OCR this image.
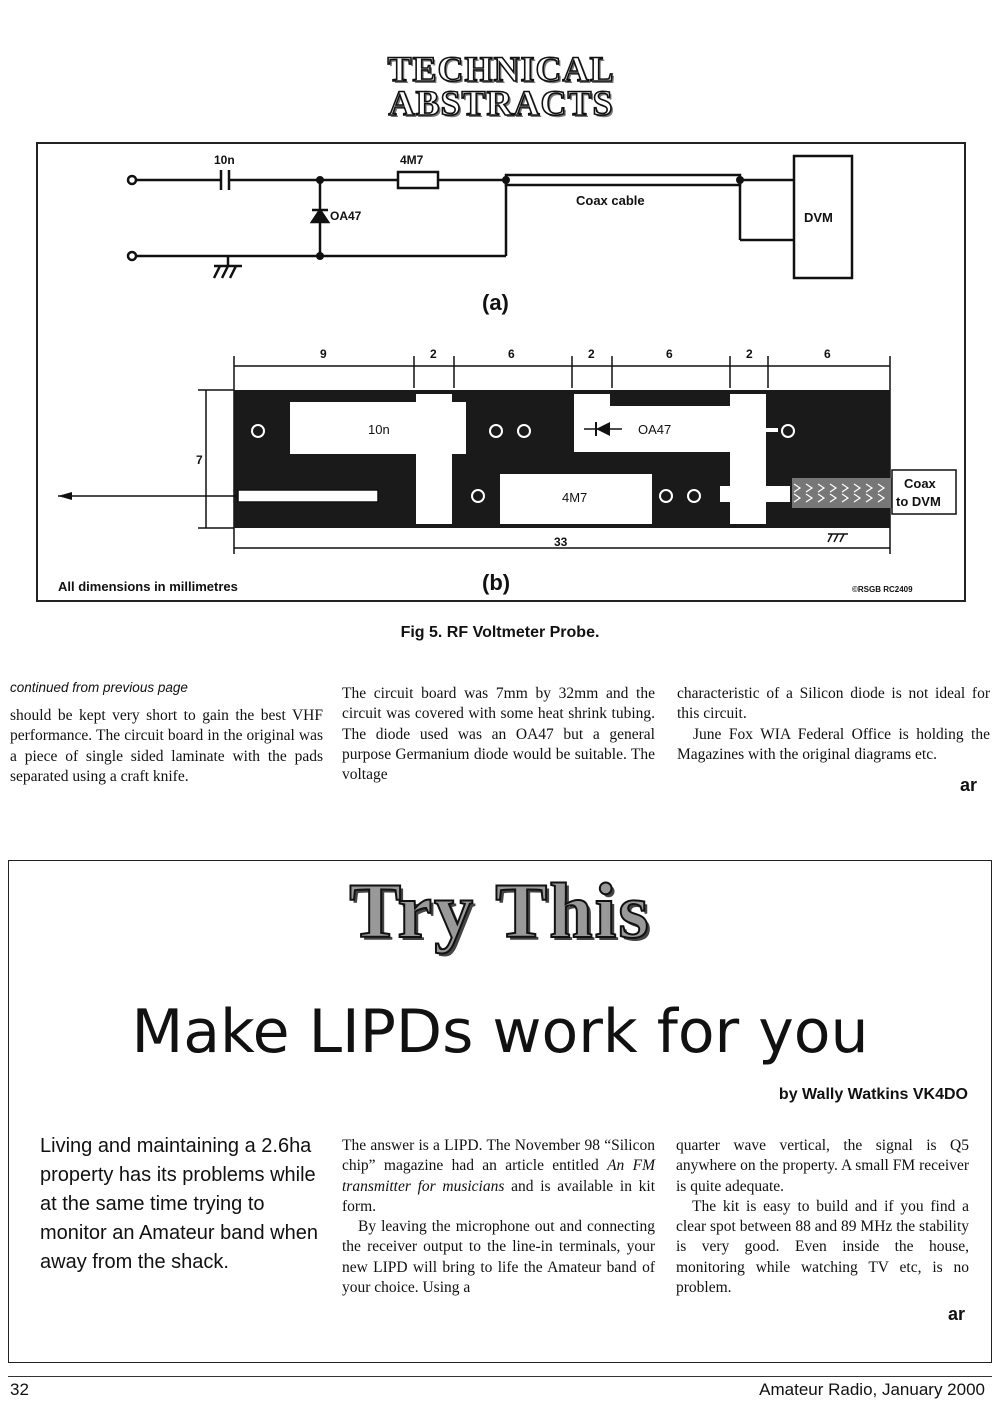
TECHNICAL
ABSTRACTS
10n	4M7
OA47
Coax cable
DVM
(a)
9	2	6	2	6	2	6
7
33
10n	OA47
4M7
Coax
to DVM
(b)
All dimensions in millimetres	©RSGB RC2409
Fig 5. RF Voltmeter Probe.
continued from previous page

should be kept very short to gain the best VHF performance. The circuit board in the original was a piece of single sided laminate with the pads separated using a craft knife.

The circuit board was 7mm by 32mm and the circuit was covered with some heat shrink tubing. The diode used was an OA47 but a general purpose Germanium diode would be suitable. The voltage

characteristic of a Silicon diode is not ideal for this circuit.

June Fox WIA Federal Office is holding the Magazines with the original diagrams etc.

ar
Try This
Make LIPDs work for you
by Wally Watkins VK4DO
Living and maintaining a 2.6ha property has its problems while at the same time trying to monitor an Amateur band when away from the shack.

The answer is a LIPD. The November 98 “Silicon chip” magazine had an article entitled An FM transmitter for musicians and is available in kit form.

By leaving the microphone out and connecting the receiver output to the line-in terminals, your new LIPD will bring to life the Amateur band of your choice. Using a

quarter wave vertical, the signal is Q5 anywhere on the property. A small FM receiver is quite adequate.

The kit is easy to build and if you find a clear spot between 88 and 89 MHz the stability is very good. Even inside the house, monitoring while watching TV etc, is no problem.

ar
32	Amateur Radio, January 2000
